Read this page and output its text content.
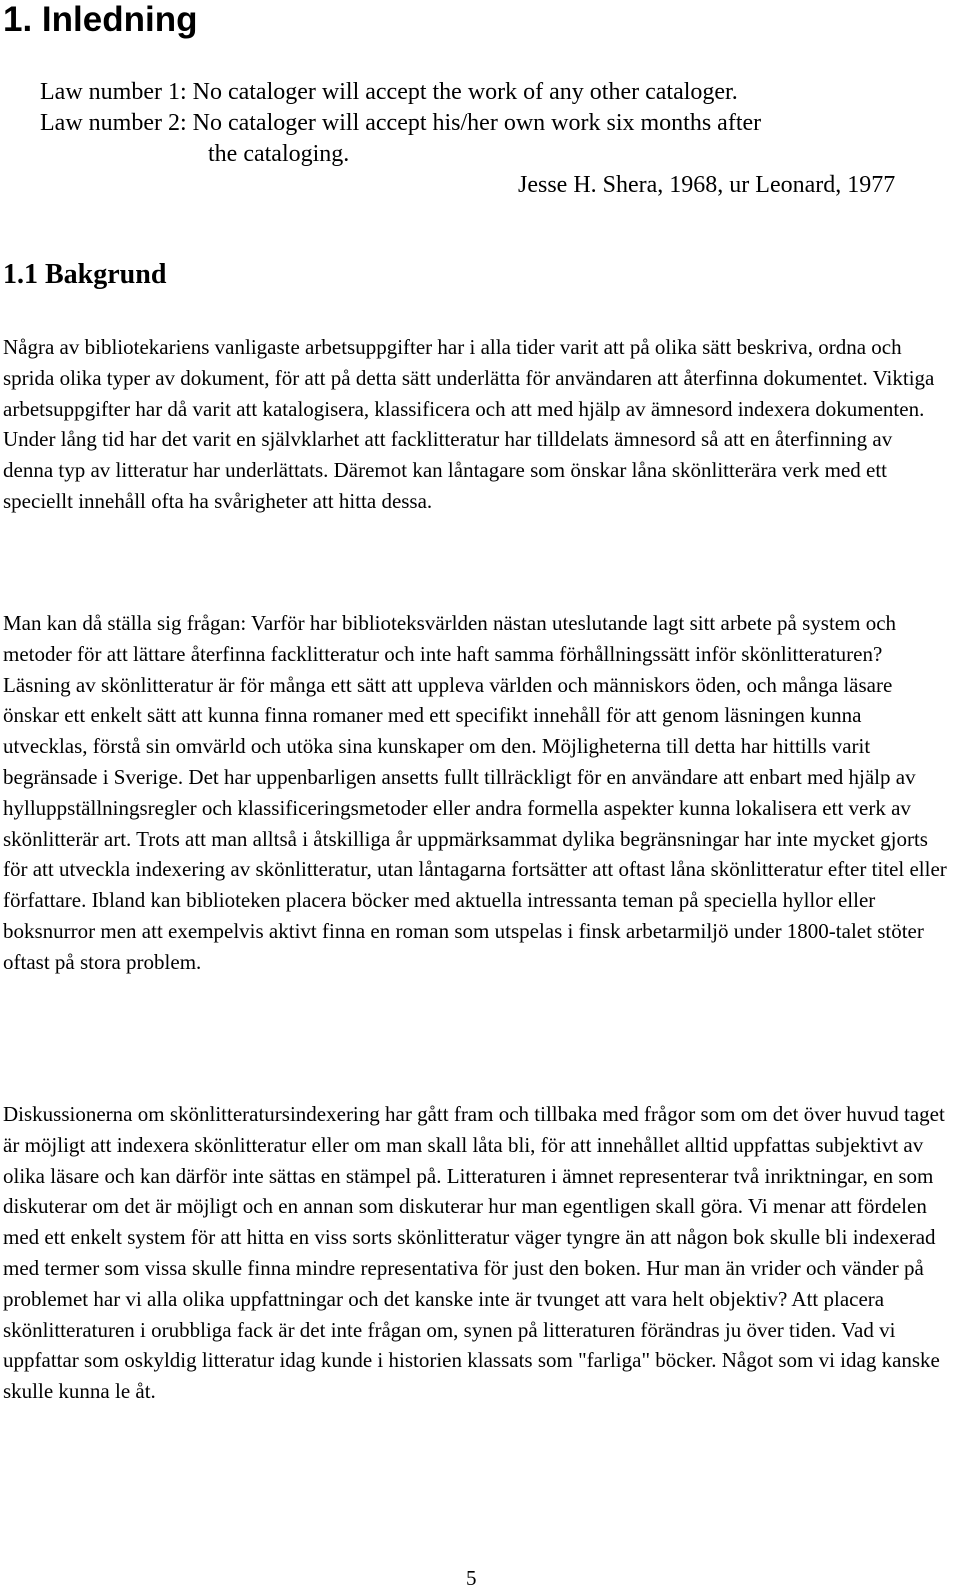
1. Inledning
Law number 1: No cataloger will accept the work of any other cataloger.
Law number 2: No cataloger will accept his/her own work six months after
the cataloging.
Jesse H. Shera, 1968, ur Leonard, 1977
1.1 Bakgrund

Några av bibliotekariens vanligaste arbetsuppgifter har i alla tider varit att på olika sätt beskriva, ordna och sprida olika typer av dokument, för att på detta sätt underlätta för användaren att återfinna dokumentet. Viktiga arbetsuppgifter har då varit att katalogisera, klassificera och att med hjälp av ämnesord indexera dokumenten. Under lång tid har det varit en självklarhet att facklitteratur har tilldelats ämnesord så att en återfinning av denna typ av litteratur har underlättats. Däremot kan låntagare som önskar låna skönlitterära verk med ett speciellt innehåll ofta ha svårigheter att hitta dessa.

Man kan då ställa sig frågan: Varför har biblioteksvärlden nästan uteslutande lagt sitt arbete på system och metoder för att lättare återfinna facklitteratur och inte haft samma förhållningssätt inför skönlitteraturen? Läsning av skönlitteratur är för många ett sätt att uppleva världen och människors öden, och många läsare önskar ett enkelt sätt att kunna finna romaner med ett specifikt innehåll för att genom läsningen kunna utvecklas, förstå sin omvärld och utöka sina kunskaper om den. Möjligheterna till detta har hittills varit begränsade i Sverige. Det har uppenbarligen ansetts fullt tillräckligt för en användare att enbart med hjälp av hylluppställningsregler och klassificeringsmetoder eller andra formella aspekter kunna lokalisera ett verk av skönlitterär art. Trots att man alltså i åtskilliga år uppmärksammat dylika begränsningar har inte mycket gjorts för att utveckla indexering av skönlitteratur, utan låntagarna fortsätter att oftast låna skönlitteratur efter titel eller författare. Ibland kan biblioteken placera böcker med aktuella intressanta teman på speciella hyllor eller boksnurror men att exempelvis aktivt finna en roman som utspelas i finsk arbetarmiljö under 1800-talet stöter oftast på stora problem.

Diskussionerna om skönlitteratursindexering har gått fram och tillbaka med frågor som om det över huvud taget är möjligt att indexera skönlitteratur eller om man skall låta bli, för att innehållet alltid uppfattas subjektivt av olika läsare och kan därför inte sättas en stämpel på. Litteraturen i ämnet representerar två inriktningar, en som diskuterar om det är möjligt och en annan som diskuterar hur man egentligen skall göra. Vi menar att fördelen med ett enkelt system för att hitta en viss sorts skönlitteratur väger tyngre än att någon bok skulle bli indexerad med termer som vissa skulle finna mindre representativa för just den boken. Hur man än vrider och vänder på problemet har vi alla olika uppfattningar och det kanske inte är tvunget att vara helt objektiv? Att placera skönlitteraturen i orubbliga fack är det inte frågan om, synen på litteraturen förändras ju över tiden. Vad vi uppfattar som oskyldig litteratur idag kunde i historien klassats som "farliga" böcker. Något som vi idag kanske skulle kunna le åt.

5
